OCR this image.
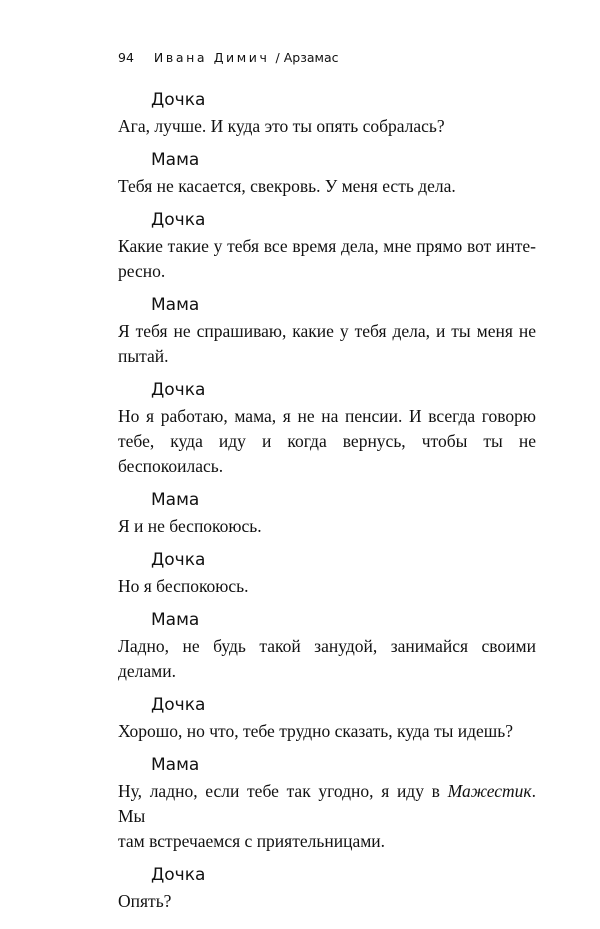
94 Ивана Димич / Арзамас

Дочка

Ага, лучше. И куда это ты опять собралась?

Мама

Тебя не касается, свекровь. У меня есть дела.

Дочка

Какие такие у тебя все время дела, мне прямо вот инте-

ресно.

Мама

Я тебя не спрашиваю, какие у тебя дела, и ты меня не

пытай.

Дочка

Но я работаю, мама, я не на пенсии. И всегда говорю

тебе, куда иду и когда вернусь, чтобы ты не беспокоилась.

Мама

Я и не беспокоюсь.

Дочка

Но я беспокоюсь.

Мама

Ладно, не будь такой занудой, занимайся своими делами.

Дочка

Хорошо, но что, тебе трудно сказать, куда ты идешь?

Мама

Ну, ладно, если тебе так угодно, я иду в Мажестик. Мы

там встречаемся с приятельницами.

Дочка

Опять?
